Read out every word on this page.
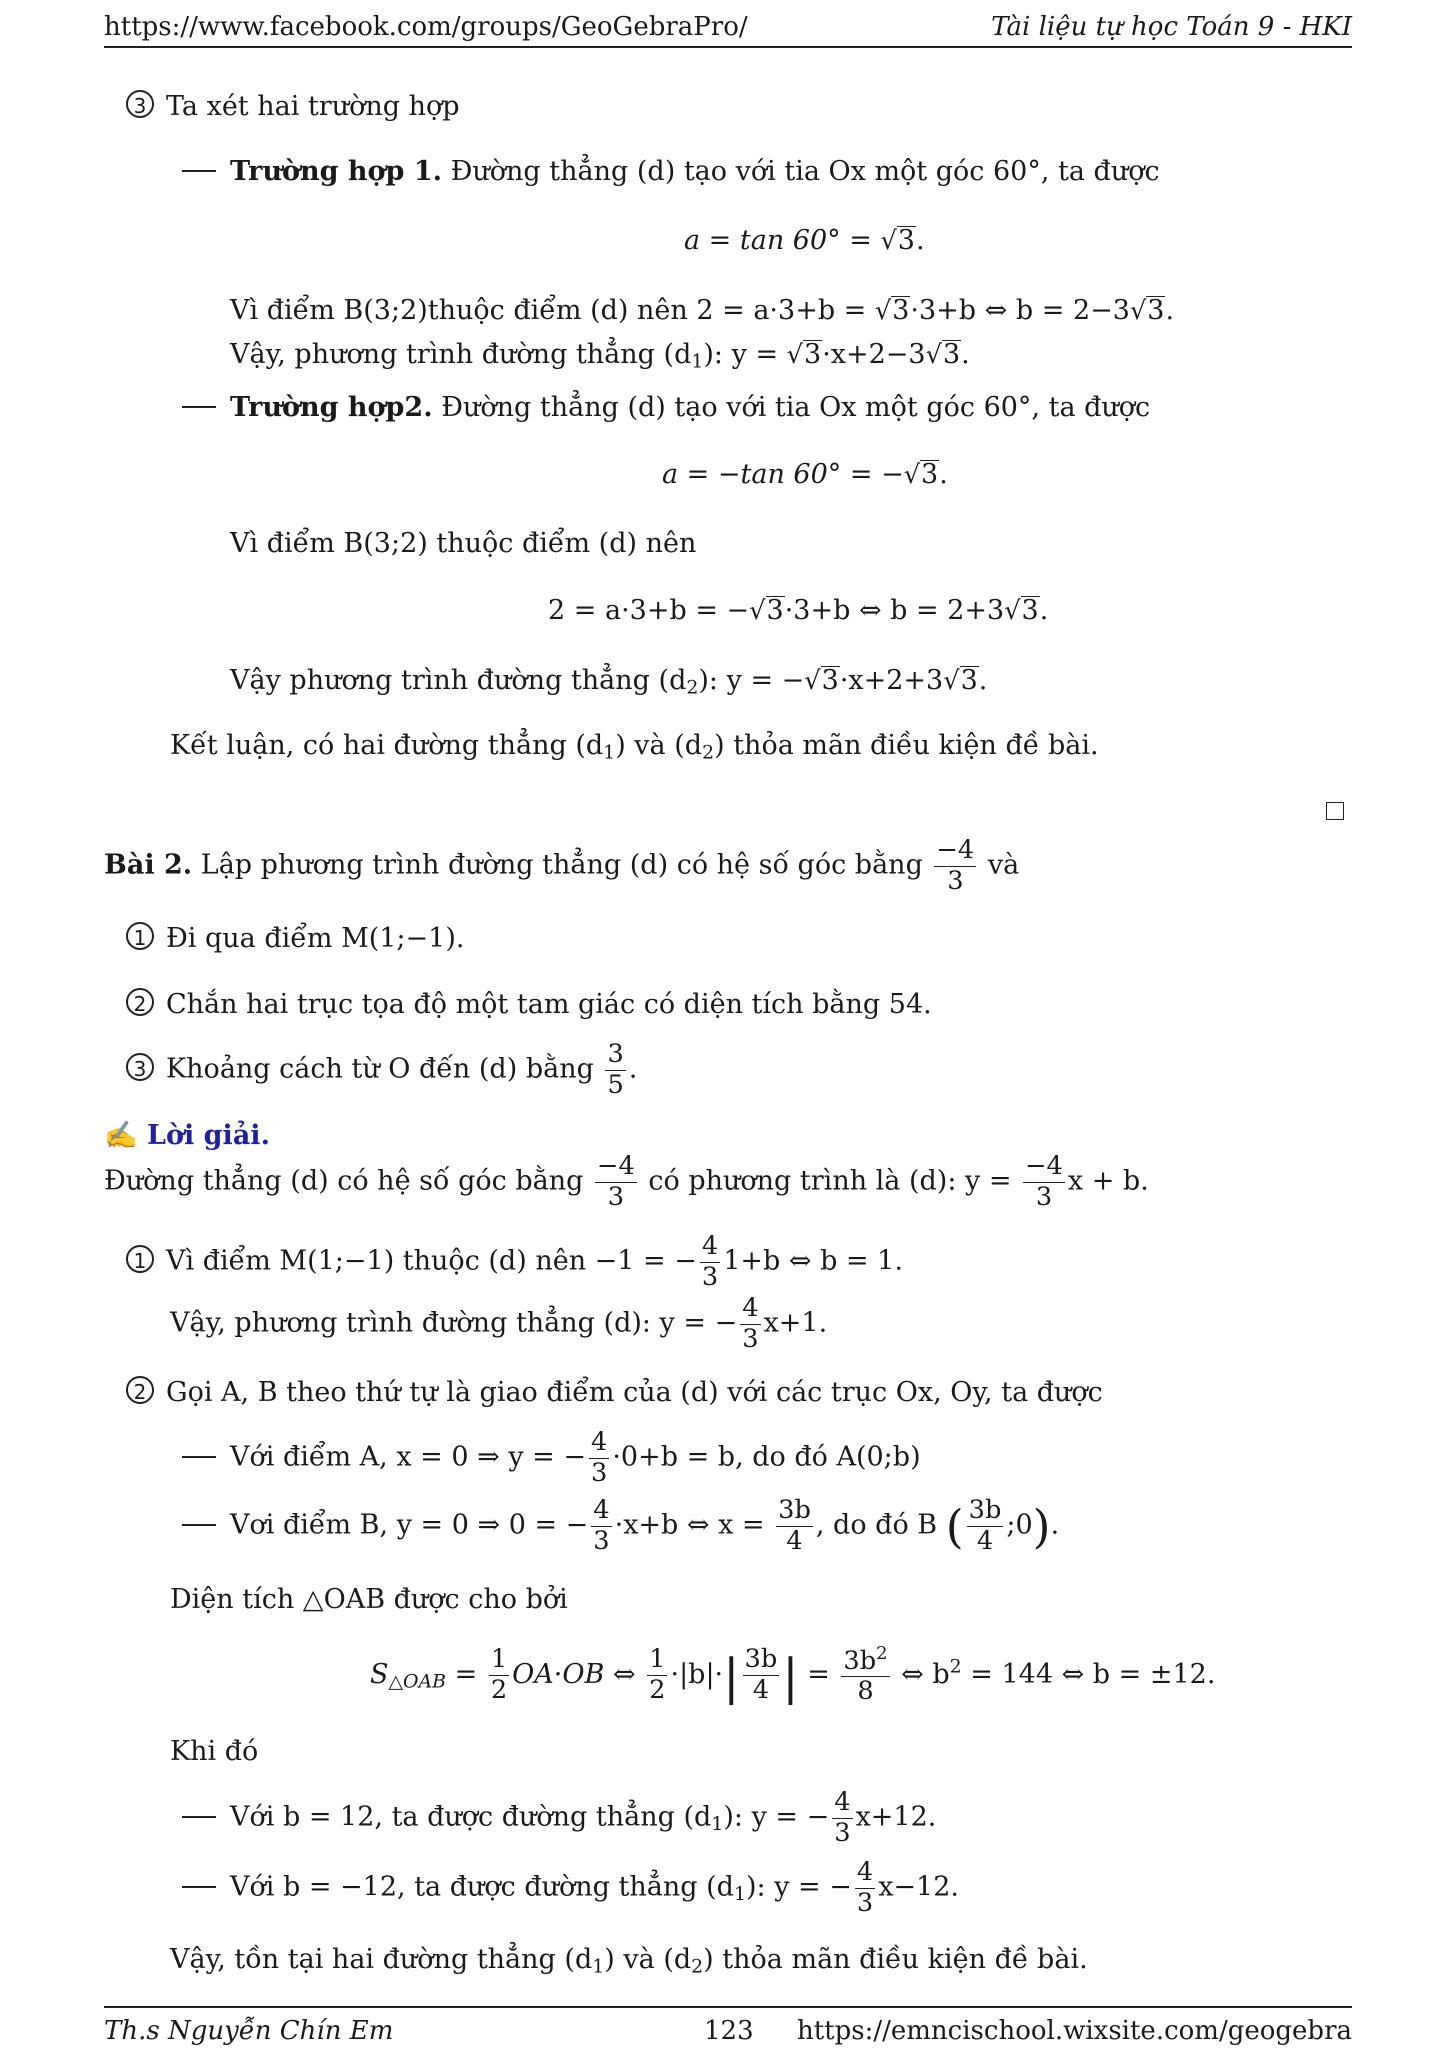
https://www.facebook.com/groups/GeoGebraPro/	Tài liệu tự học Toán 9 - HKI
3 Ta xét hai trường hợp
Trường hợp 1. Đường thẳng (d) tạo với tia Ox một góc 60°, ta được
a = tan 60° = √3.
Vì điểm B(3;2)thuộc điểm (d) nên 2 = a·3+b = √3·3+b ⇔ b = 2−3√3.
Vậy, phương trình đường thẳng $(d_1)$: y = √3·x+2−3√3.
Trường hợp2. Đường thẳng (d) tạo với tia Ox một góc 60°, ta được
a = −tan 60° = −√3.
Vì điểm B(3;2) thuộc điểm (d) nên
2 = a·3+b = −√3·3+b ⇔ b = 2+3√3.
Vậy phương trình đường thẳng $(d_2)$: y = −√3·x+2+3√3.
Kết luận, có hai đường thẳng $(d_1)$ và $(d_2)$ thỏa mãn điều kiện đề bài.
Bài 2. Lập phương trình đường thẳng (d) có hệ số góc bằng $\frac{-4}{3}$ và
1 Đi qua điểm M(1;−1).
2 Chắn hai trục tọa độ một tam giác có diện tích bằng 54.
3 Khoảng cách từ O đến (d) bằng $\frac{3}{5}$ .
✍ Lời giải.
Đường thẳng (d) có hệ số góc bằng $\frac{-4}{3}$ có phương trình là (d): $y = \frac{-4}{3}$ x + b.
1 Vì điểm M(1;−1) thuộc (d) nên −1 = − $\frac{4}{3} 1+b$ ⇔ b = 1.
Vậy, phương trình đường thẳng (d): y = − $\frac{4}{3} x+1$.
2 Gọi A, B theo thứ tự là giao điểm của (d) với các trục Ox, Oy, ta được
Với điểm A, x = 0 ⇒ y = − $\frac{4}{3} \cdot 0+b = b$, do đó A(0;b)
Vơi điểm B, y = 0 ⇒ 0 = − $\frac{4}{3} \cdot x+b$ ⇔ $x = \frac{3b}{4}$ , do đó B ( $\frac{3b}{4}$ ;0).
Diện tích △OAB được cho bởi
$S_{\triangle OAB} = \frac{1}{2} OA\cdot OB$ ⇔ $\frac{1}{2} \cdot|b|\cdot| \frac{3b}{4}$ | = $\frac{3b^2}{8}$ ⇔ $b^2 = 144$ ⇔ b = ±12.
Khi đó
Với b = 12, ta được đường thẳng $(d_1)$: y = − $\frac{4}{3} x+12$.
Với b = −12, ta được đường thẳng $(d_1)$: y = − $\frac{4}{3} x-12$.
Vậy, tồn tại hai đường thẳng $(d_1)$ và $(d_2)$ thỏa mãn điều kiện đề bài.
Th.s Nguyễn Chín Em	123 https://emncischool.wixsite.com/geogebra
